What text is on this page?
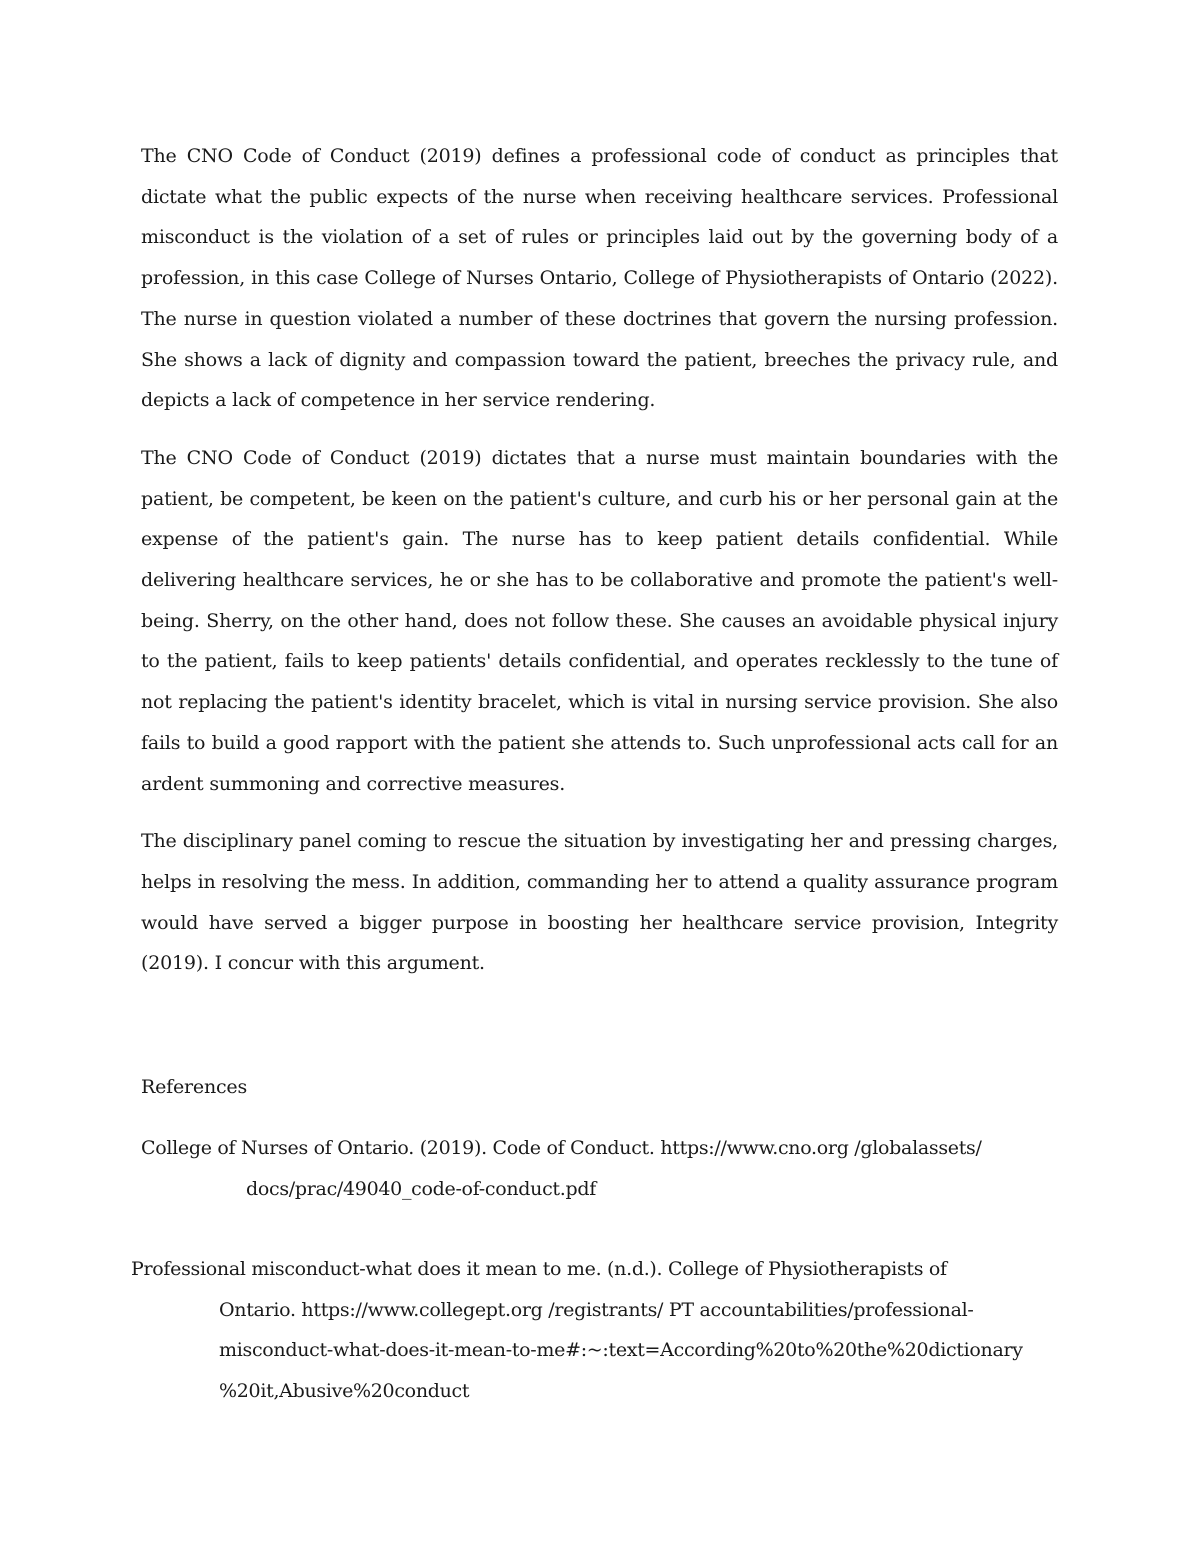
The CNO Code of Conduct (2019) defines a professional code of conduct as principles that dictate what the public expects of the nurse when receiving healthcare services. Professional misconduct is the violation of a set of rules or principles laid out by the governing body of a profession, in this case College of Nurses Ontario, College of Physiotherapists of Ontario (2022). The nurse in question violated a number of these doctrines that govern the nursing profession. She shows a lack of dignity and compassion toward the patient, breeches the privacy rule, and depicts a lack of competence in her service rendering.

The CNO Code of Conduct (2019) dictates that a nurse must maintain boundaries with the patient, be competent, be keen on the patient's culture, and curb his or her personal gain at the expense of the patient's gain. The nurse has to keep patient details confidential. While delivering healthcare services, he or she has to be collaborative and promote the patient's well-being. Sherry, on the other hand, does not follow these. She causes an avoidable physical injury to the patient, fails to keep patients' details confidential, and operates recklessly to the tune of not replacing the patient's identity bracelet, which is vital in nursing service provision. She also fails to build a good rapport with the patient she attends to. Such unprofessional acts call for an ardent summoning and corrective measures.

The disciplinary panel coming to rescue the situation by investigating her and pressing charges, helps in resolving the mess. In addition, commanding her to attend a quality assurance program would have served a bigger purpose in boosting her healthcare service provision, Integrity (2019). I concur with this argument.

References

College of Nurses of Ontario. (2019). Code of Conduct. https://www.cno.org /globalassets/
docs/prac/49040_code-of-conduct.pdf

Professional misconduct-what does it mean to me. (n.d.). College of Physiotherapists of
Ontario. https://www.collegept.org /registrants/ PT accountabilities/professional-
misconduct-what-does-it-mean-to-me#:~:text=According%20to%20the%20dictionary
%20it,Abusive%20conduct
